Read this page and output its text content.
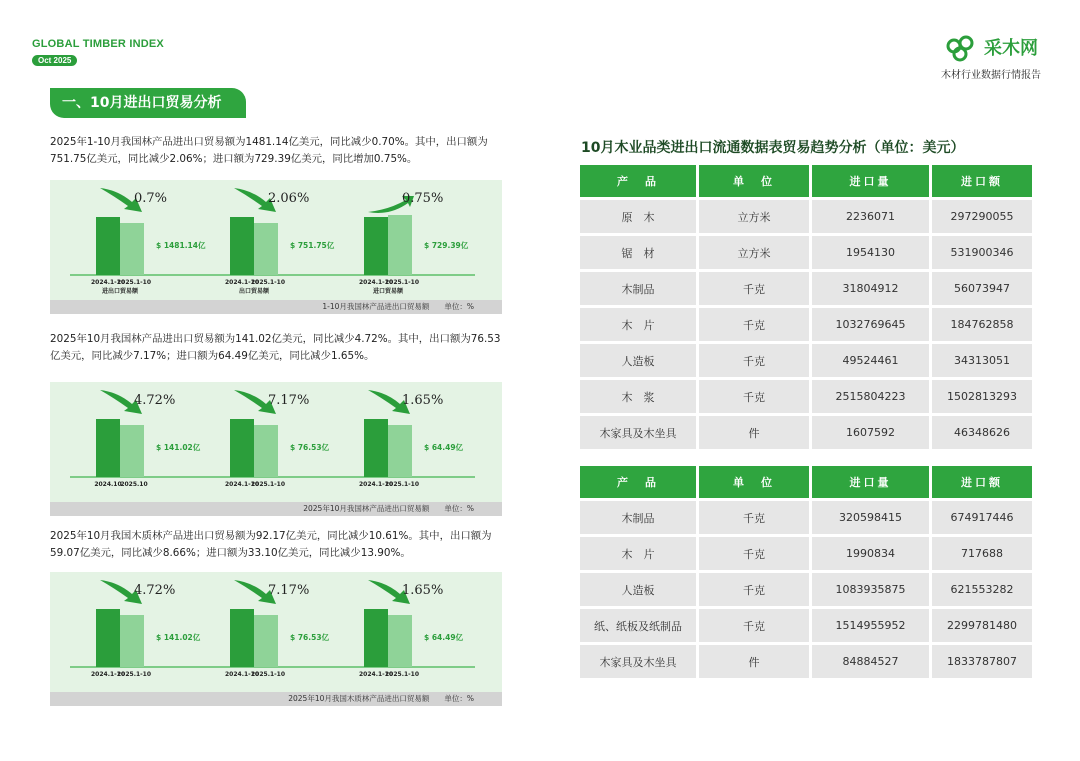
GLOBAL TIMBER INDEX
Oct 2025
采木网
木材行业数据行情报告
一、10月进出口贸易分析
2025年1-10月我国林产品进出口贸易额为1481.14亿美元，同比减少0.70%。其中，出口额为751.75亿美元，同比减少2.06%；进口额为729.39亿美元，同比增加0.75%。
0.7%
$ 1481.14亿
2024.1-10
2025.1-10
进出口贸易额
2.06%
$ 751.75亿
2024.1-10
2025.1-10
出口贸易额
0.75%
$ 729.39亿
2024.1-10
2025.1-10
进口贸易额
1-10月我国林产品进出口贸易额　　单位：%
2025年10月我国林产品进出口贸易额为141.02亿美元，同比减少4.72%。其中，出口额为76.53亿美元，同比减少7.17%；进口额为64.49亿美元，同比减少1.65%。
4.72%
$ 141.02亿
2024.10
2025.10
7.17%
$ 76.53亿
2024.1-10
2025.1-10
1.65%
$ 64.49亿
2024.1-10
2025.1-10
2025年10月我国林产品进出口贸易额　　单位：%
2025年10月我国木质林产品进出口贸易额为92.17亿美元，同比减少10.61%。其中，出口额为59.07亿美元，同比减少8.66%；进口额为33.10亿美元，同比减少13.90%。
4.72%
$ 141.02亿
2024.1-10
2025.1-10
7.17%
$ 76.53亿
2024.1-10
2025.1-10
1.65%
$ 64.49亿
2024.1-10
2025.1-10
2025年10月我国木质林产品进出口贸易额　　单位：%
10月木业品类进出口流通数据表贸易趋势分析（单位：美元）
产　品	单　位	进口量	进口额
原　木	立方米	2236071	297290055
锯　材	立方米	1954130	531900346
木制品	千克	31804912	56073947
木　片	千克	1032769645	184762858
人造板	千克	49524461	34313051
木　浆	千克	2515804223	1502813293
木家具及木坐具	件	1607592	46348626
产　品	单　位	进口量	进口额
木制品	千克	320598415	674917446
木　片	千克	1990834	717688
人造板	千克	1083935875	621553282
纸、纸板及纸制品	千克	1514955952	2299781480
木家具及木坐具	件	84884527	1833787807
